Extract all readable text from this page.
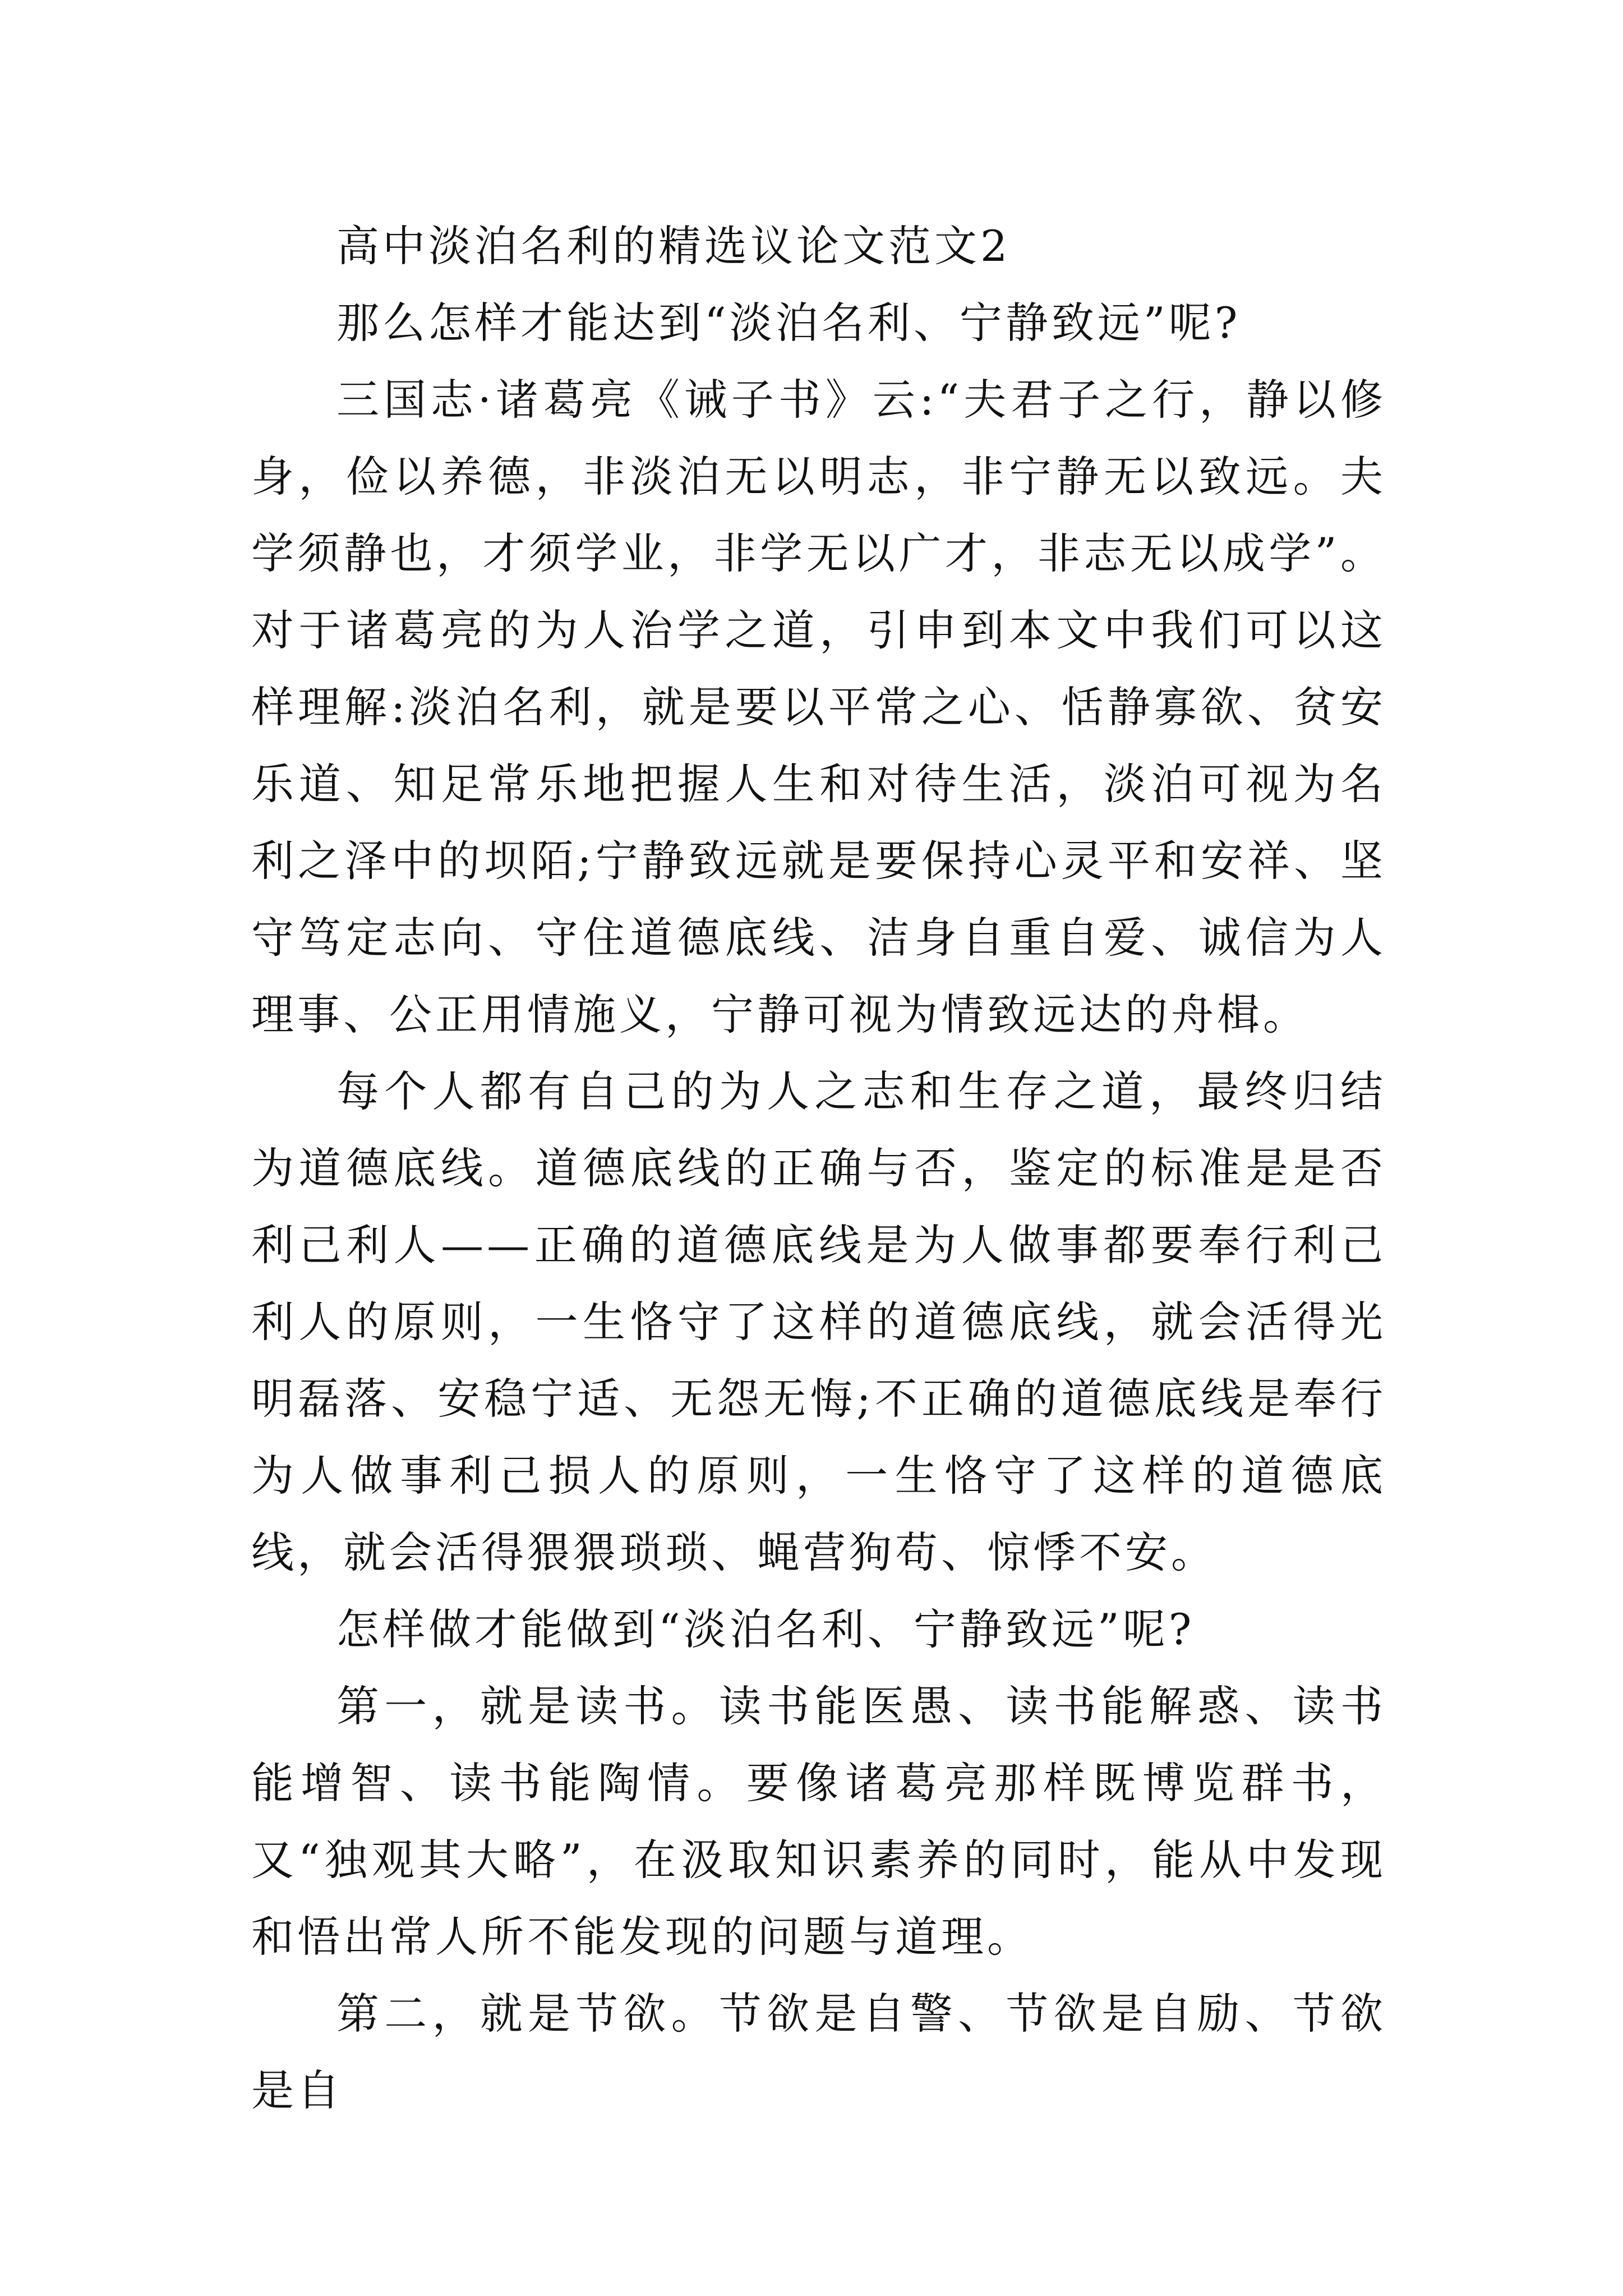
高中淡泊名利的精选议论文范文2

那么怎样才能达到“淡泊名利、宁静致远”呢?

三国志·诸葛亮《诫子书》云:“夫君子之行，静以修身，俭以养德，非淡泊无以明志，非宁静无以致远。夫学须静也，才须学业，非学无以广才，非志无以成学”。对于诸葛亮的为人治学之道，引申到本文中我们可以这样理解:淡泊名利，就是要以平常之心、恬静寡欲、贫安乐道、知足常乐地把握人生和对待生活，淡泊可视为名利之泽中的坝陌;宁静致远就是要保持心灵平和安祥、坚守笃定志向、守住道德底线、洁身自重自爱、诚信为人理事、公正用情施义，宁静可视为情致远达的舟楫。

每个人都有自己的为人之志和生存之道，最终归结为道德底线。道德底线的正确与否，鉴定的标准是是否利己利人——正确的道德底线是为人做事都要奉行利己利人的原则，一生恪守了这样的道德底线，就会活得光明磊落、安稳宁适、无怨无悔;不正确的道德底线是奉行为人做事利己损人的原则，一生恪守了这样的道德底线，就会活得猥猥琐琐、蝇营狗苟、惊悸不安。

怎样做才能做到“淡泊名利、宁静致远”呢?

第一，就是读书。读书能医愚、读书能解惑、读书能增智、读书能陶情。要像诸葛亮那样既博览群书，又“独观其大略”，在汲取知识素养的同时，能从中发现和悟出常人所不能发现的问题与道理。

第二，就是节欲。节欲是自警、节欲是自励、节欲是自
